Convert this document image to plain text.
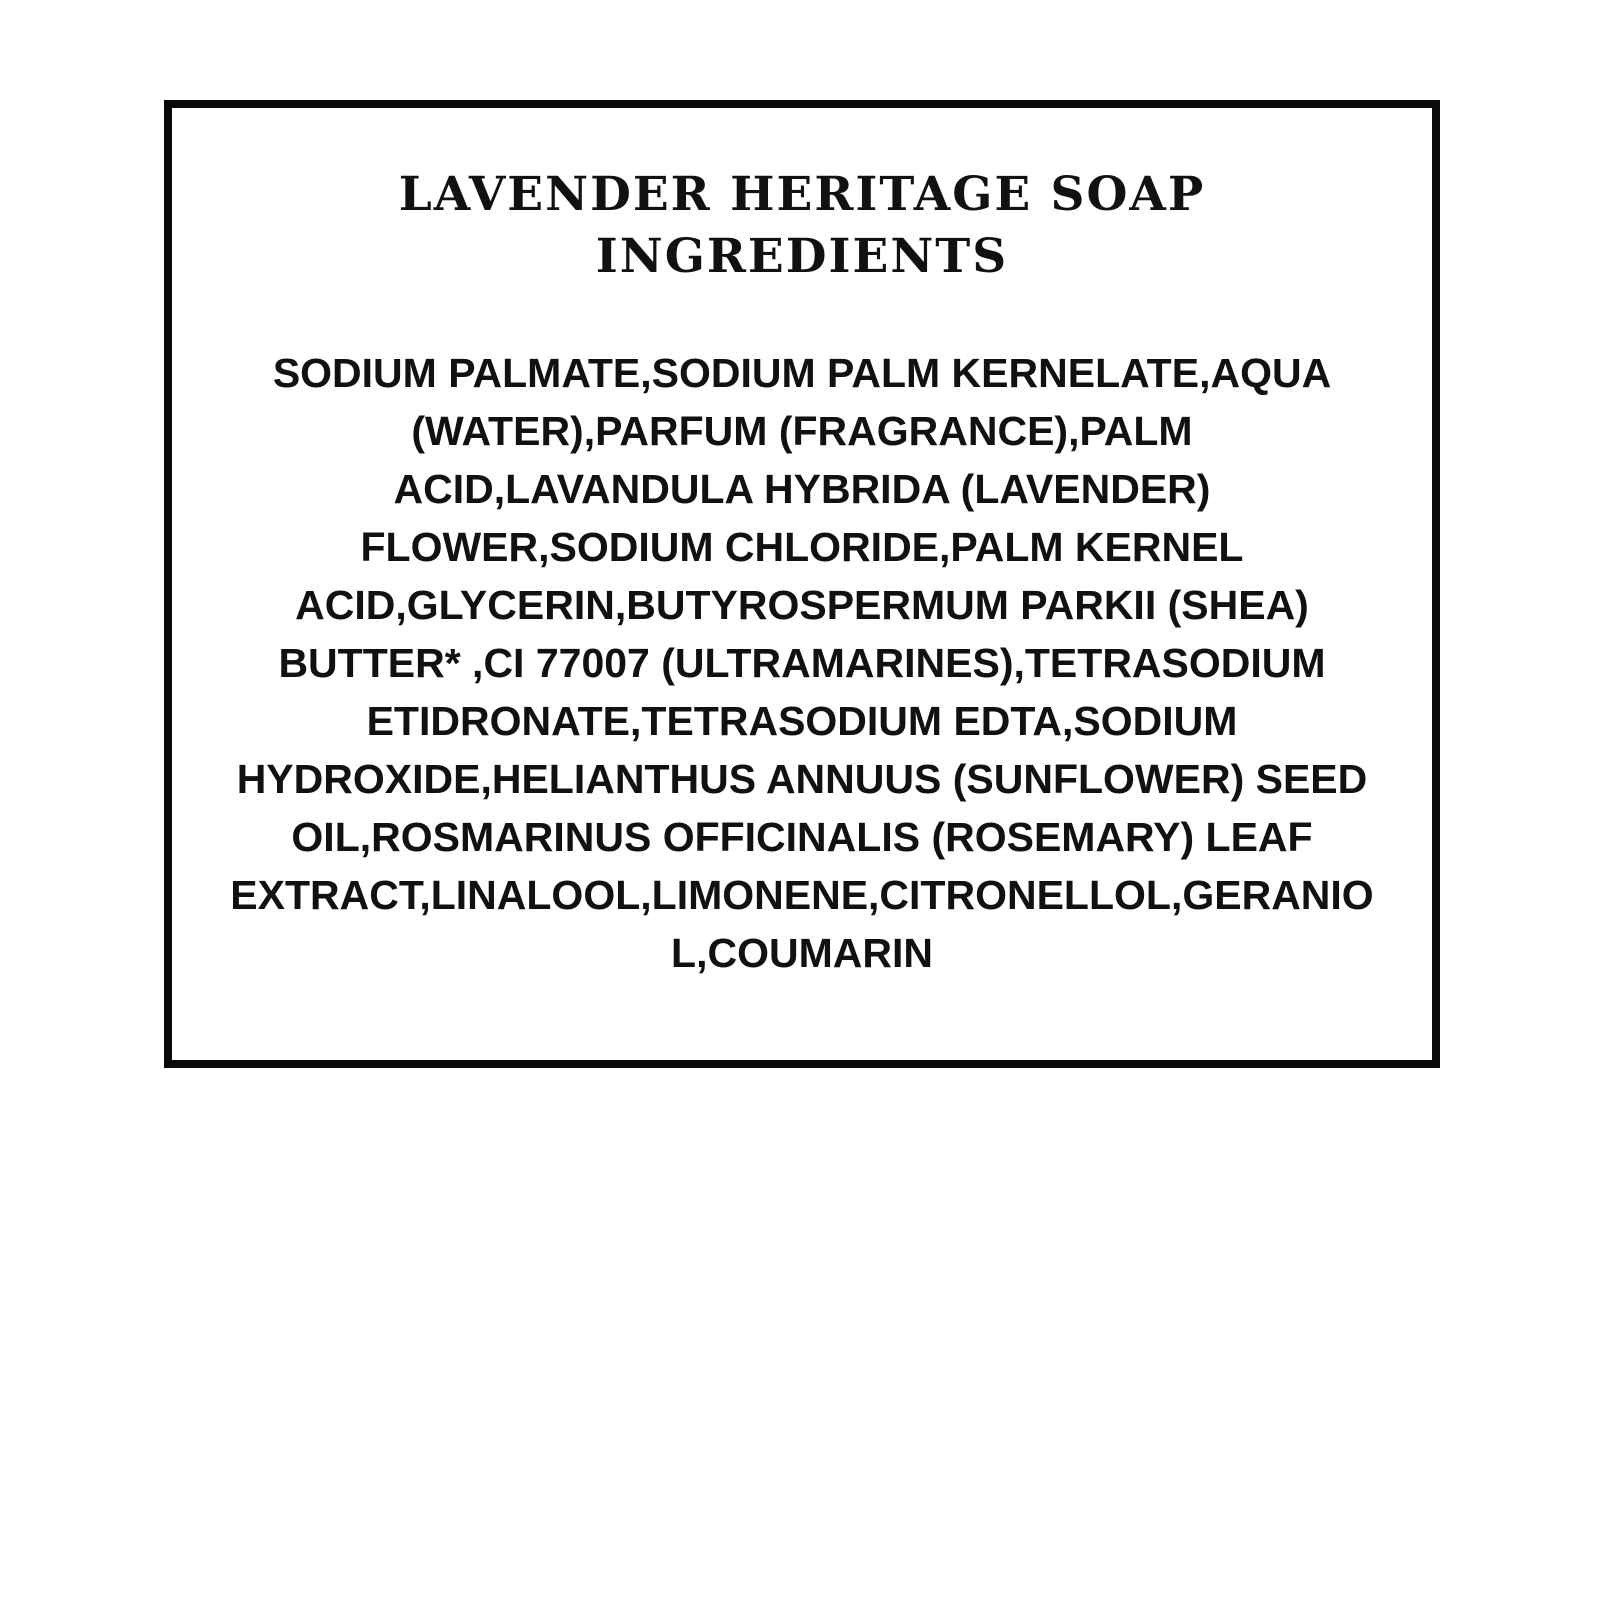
LAVENDER HERITAGE SOAP
INGREDIENTS

SODIUM PALMATE,SODIUM PALM KERNELATE,AQUA
(WATER),PARFUM (FRAGRANCE),PALM
ACID,LAVANDULA HYBRIDA (LAVENDER)
FLOWER,SODIUM CHLORIDE,PALM KERNEL
ACID,GLYCERIN,BUTYROSPERMUM PARKII (SHEA)
BUTTER* ,CI 77007 (ULTRAMARINES),TETRASODIUM
ETIDRONATE,TETRASODIUM EDTA,SODIUM
HYDROXIDE,HELIANTHUS ANNUUS (SUNFLOWER) SEED
OIL,ROSMARINUS OFFICINALIS (ROSEMARY) LEAF
EXTRACT,LINALOOL,LIMONENE,CITRONELLOL,GERANIO
L,COUMARIN
